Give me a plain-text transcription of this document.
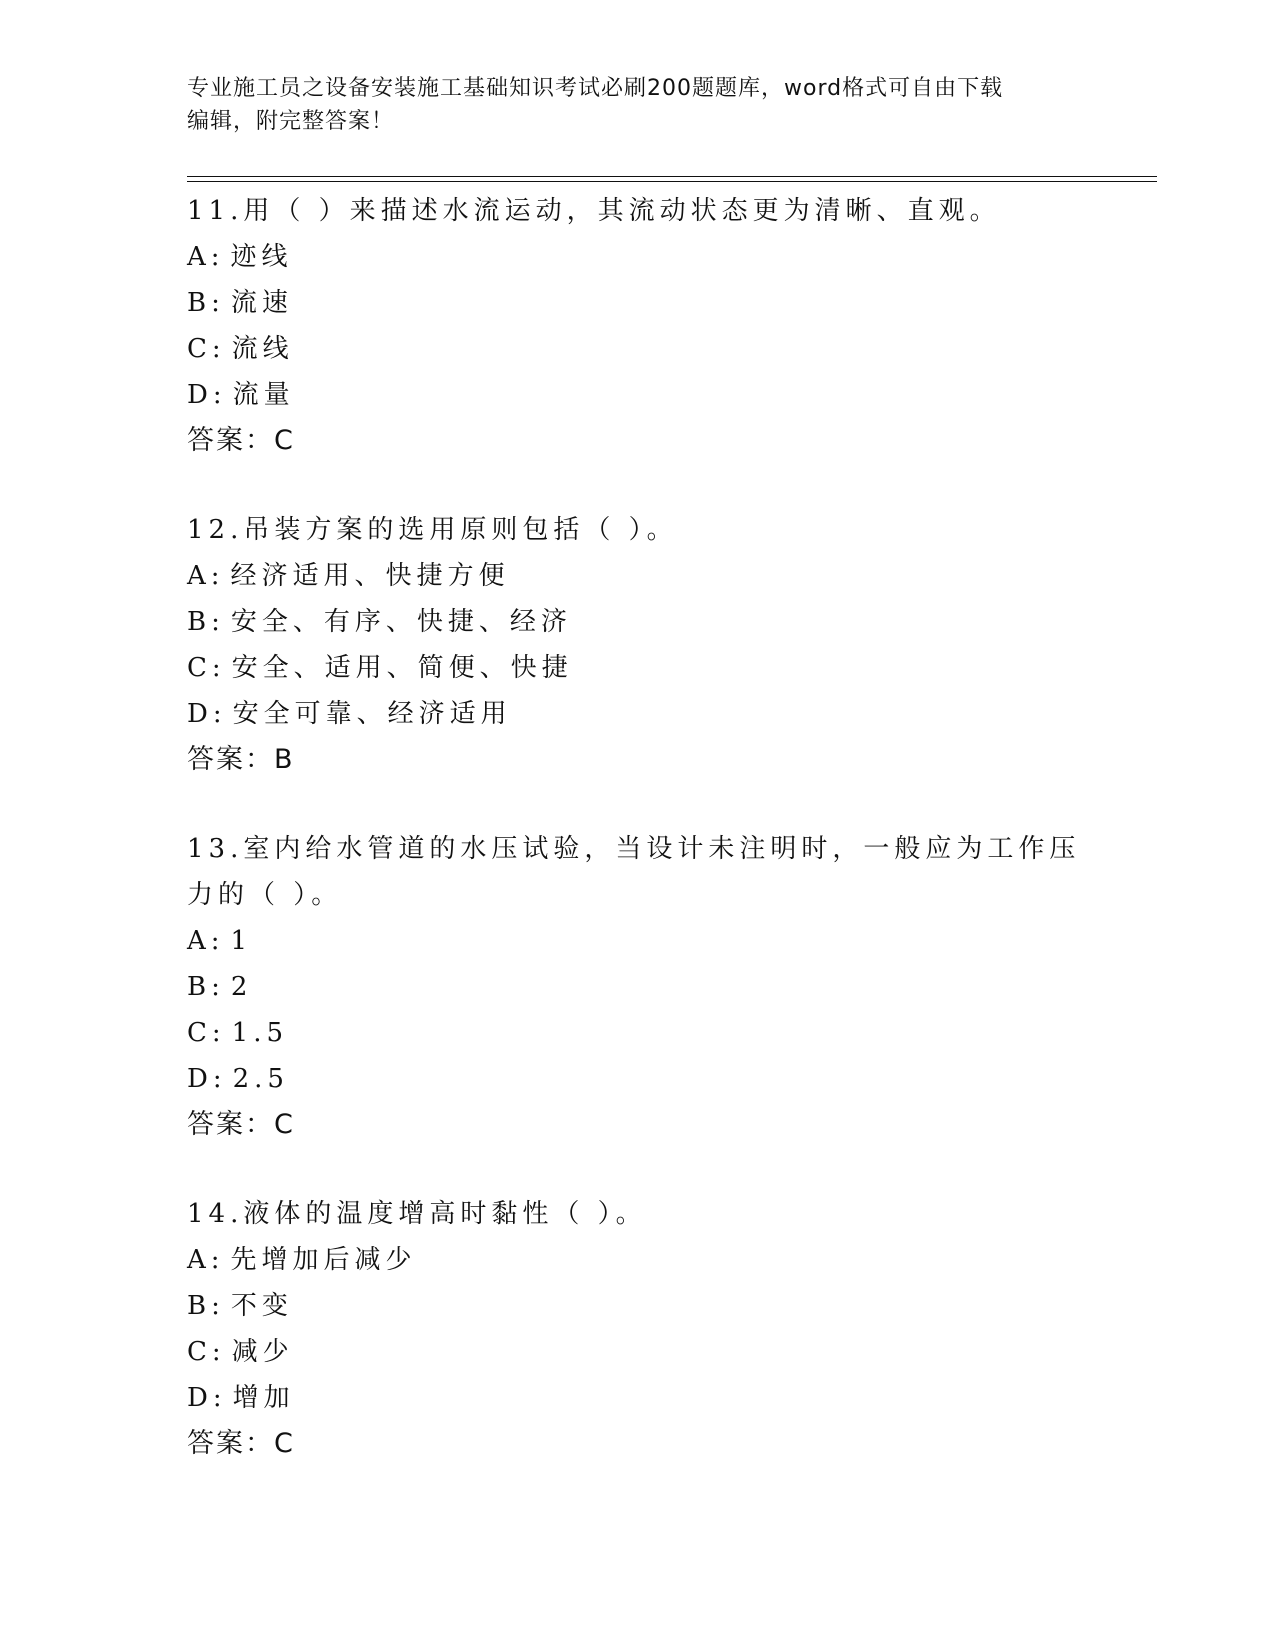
专业施工员之设备安装施工基础知识考试必刷200题题库，word格式可自由下载
编辑，附完整答案！
11.用（ ）来描述水流运动，其流动状态更为清晰、直观。
A: 迹线
B: 流速
C: 流线
D: 流量
答案：C
12.吊装方案的选用原则包括（ ）。
A: 经济适用、快捷方便
B: 安全、有序、快捷、经济
C: 安全、适用、简便、快捷
D: 安全可靠、经济适用
答案：B
13.室内给水管道的水压试验，当设计未注明时，一般应为工作压力的（ ）。
A: 1
B: 2
C: 1.5
D: 2.5
答案：C
14.液体的温度增高时黏性（ ）。
A: 先增加后减少
B: 不变
C: 减少
D: 增加
答案：C
